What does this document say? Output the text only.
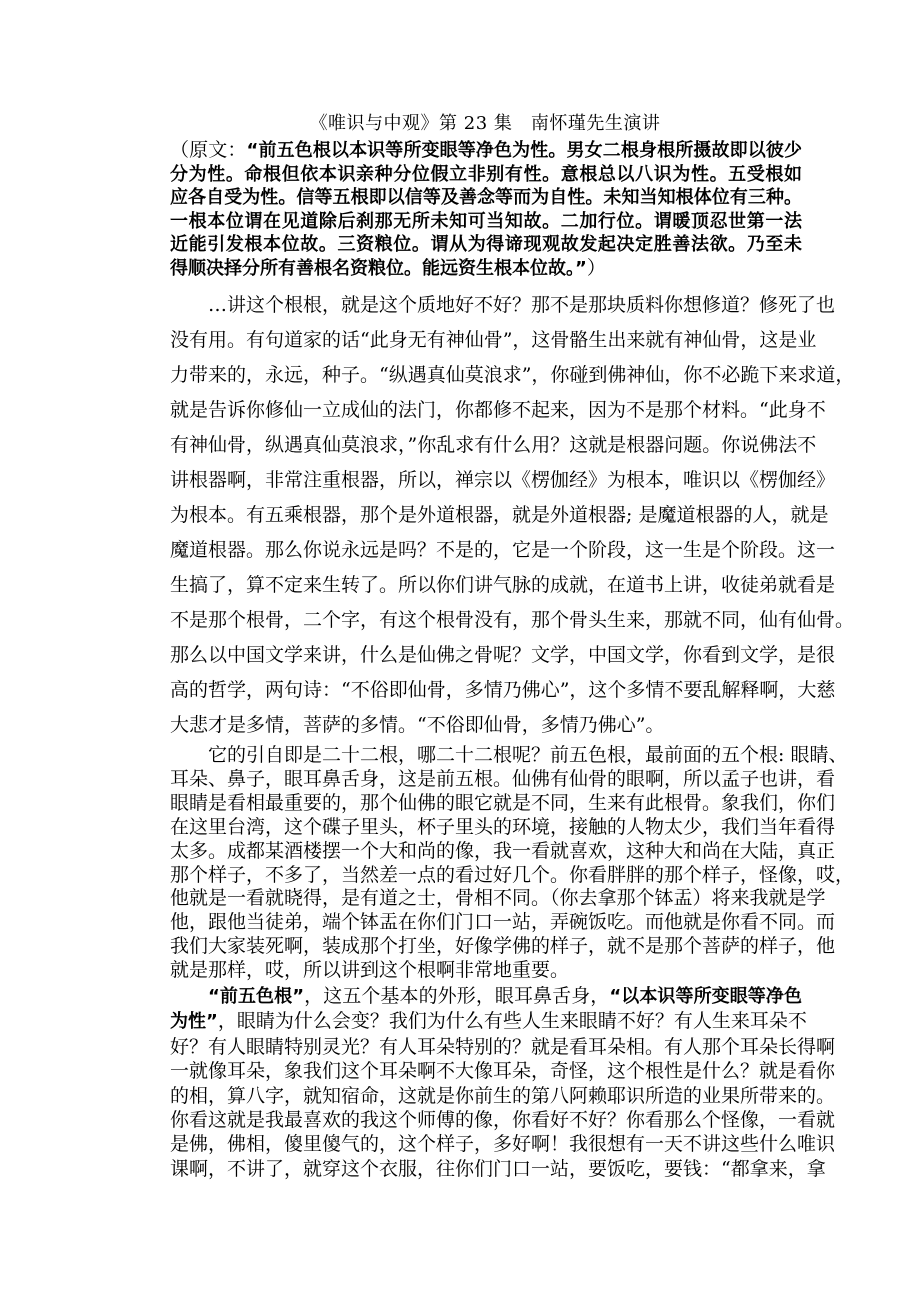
《唯识与中观》第 23 集　南怀瑾先生演讲
（原文：“前五色根以本识等所变眼等净色为性。男女二根身根所摄故即以彼少
分为性。命根但依本识亲种分位假立非别有性。意根总以八识为性。五受根如
应各自受为性。信等五根即以信等及善念等而为自性。未知当知根体位有三种。
一根本位谓在见道除后刹那无所未知可当知故。二加行位。谓暖顶忍世第一法
近能引发根本位故。三资粮位。谓从为得谛现观故发起决定胜善法欲。乃至未
得顺决择分所有善根名资粮位。能远资生根本位故。”）
…讲这个根根，就是这个质地好不好？那不是那块质料你想修道？修死了也
没有用。有句道家的话“此身无有神仙骨”，这骨骼生出来就有神仙骨，这是业
力带来的，永远，种子。“纵遇真仙莫浪求”，你碰到佛神仙，你不必跪下来求道，
就是告诉你修仙一立成仙的法门，你都修不起来，因为不是那个材料。“此身不
有神仙骨，纵遇真仙莫浪求，”你乱求有什么用？这就是根器问题。你说佛法不
讲根器啊，非常注重根器，所以，禅宗以《楞伽经》为根本，唯识以《楞伽经》
为根本。有五乘根器，那个是外道根器，就是外道根器; 是魔道根器的人，就是
魔道根器。那么你说永远是吗？不是的，它是一个阶段，这一生是个阶段。这一
生搞了，算不定来生转了。所以你们讲气脉的成就，在道书上讲，收徒弟就看是
不是那个根骨，二个字，有这个根骨没有，那个骨头生来，那就不同，仙有仙骨。
那么以中国文学来讲，什么是仙佛之骨呢？文学，中国文学，你看到文学，是很
高的哲学，两句诗：“不俗即仙骨，多情乃佛心”，这个多情不要乱解释啊，大慈
大悲才是多情，菩萨的多情。“不俗即仙骨，多情乃佛心”。
它的引自即是二十二根，哪二十二根呢？前五色根，最前面的五个根: 眼睛、
耳朵、鼻子，眼耳鼻舌身，这是前五根。仙佛有仙骨的眼啊，所以孟子也讲，看
眼睛是看相最重要的，那个仙佛的眼它就是不同，生来有此根骨。象我们，你们
在这里台湾，这个碟子里头，杯子里头的环境，接触的人物太少，我们当年看得
太多。成都某酒楼摆一个大和尚的像，我一看就喜欢，这种大和尚在大陆，真正
那个样子，不多了，当然差一点的看过好几个。你看胖胖的那个样子，怪像，哎，
他就是一看就晓得，是有道之士，骨相不同。（你去拿那个钵盂）将来我就是学
他，跟他当徒弟，端个钵盂在你们门口一站，弄碗饭吃。而他就是你看不同。而
我们大家装死啊，装成那个打坐，好像学佛的样子，就不是那个菩萨的样子，他
就是那样，哎，所以讲到这个根啊非常地重要。
“前五色根”，这五个基本的外形，眼耳鼻舌身，“以本识等所变眼等净色
为性”，眼睛为什么会变？我们为什么有些人生来眼睛不好？有人生来耳朵不
好？有人眼睛特别灵光？有人耳朵特别的？就是看耳朵相。有人那个耳朵长得啊
一就像耳朵，象我们这个耳朵啊不大像耳朵，奇怪，这个根性是什么？就是看你
的相，算八字，就知宿命，这就是你前生的第八阿赖耶识所造的业果所带来的。
你看这就是我最喜欢的我这个师傅的像，你看好不好？你看那么个怪像，一看就
是佛，佛相，傻里傻气的，这个样子，多好啊！我很想有一天不讲这些什么唯识
课啊，不讲了，就穿这个衣服，往你们门口一站，要饭吃，要钱：“都拿来，拿
